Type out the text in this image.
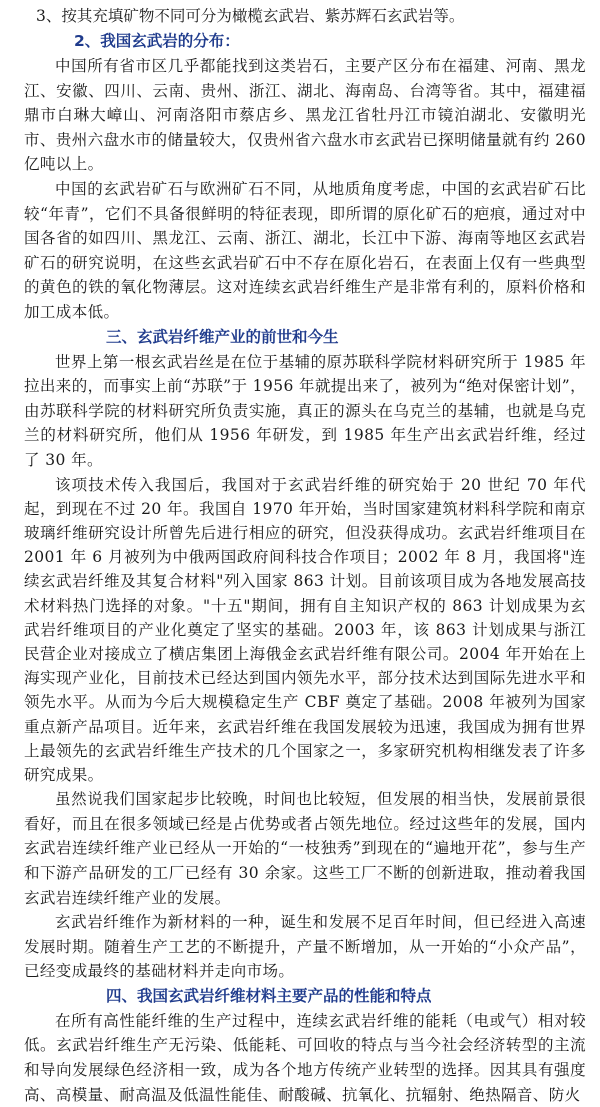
3、按其充填矿物不同可分为橄榄玄武岩、紫苏辉石玄武岩等。

2、我国玄武岩的分布：

中国所有省市区几乎都能找到这类岩石，主要产区分布在福建、河南、黑龙江、安徽、四川、云南、贵州、浙江、湖北、海南岛、台湾等省。其中，福建福鼎市白琳大嶂山、河南洛阳市蔡店乡、黑龙江省牡丹江市镜泊湖北、安徽明光市、贵州六盘水市的储量较大，仅贵州省六盘水市玄武岩已探明储量就有约 260 亿吨以上。

中国的玄武岩矿石与欧洲矿石不同，从地质角度考虑，中国的玄武岩矿石比较“年青”，它们不具备很鲜明的特征表现，即所谓的原化矿石的疤痕，通过对中国各省的如四川、黑龙江、云南、浙江、湖北，长江中下游、海南等地区玄武岩矿石的研究说明，在这些玄武岩矿石中不存在原化岩石，在表面上仅有一些典型的黄色的铁的氧化物薄层。这对连续玄武岩纤维生产是非常有利的，原料价格和加工成本低。

三、玄武岩纤维产业的前世和今生

世界上第一根玄武岩丝是在位于基辅的原苏联科学院材料研究所于 1985 年拉出来的，而事实上前“苏联”于 1956 年就提出来了，被列为“绝对保密计划”，由苏联科学院的材料研究所负责实施，真正的源头在乌克兰的基辅，也就是乌克兰的材料研究所，他们从 1956 年研发，到 1985 年生产出玄武岩纤维，经过了 30 年。

该项技术传入我国后，我国对于玄武岩纤维的研究始于 20 世纪 70 年代起，到现在不过 20 年。我国自 1970 年开始，当时国家建筑材料科学院和南京玻璃纤维研究设计所曾先后进行相应的研究，但没获得成功。玄武岩纤维项目在 2001 年 6 月被列为中俄两国政府间科技合作项目；2002 年 8 月，我国将"连续玄武岩纤维及其复合材料"列入国家 863 计划。目前该项目成为各地发展高技术材料热门选择的对象。"十五"期间，拥有自主知识产权的 863 计划成果为玄武岩纤维项目的产业化奠定了坚实的基础。2003 年，该 863 计划成果与浙江民营企业对接成立了横店集团上海俄金玄武岩纤维有限公司。2004 年开始在上海实现产业化，目前技术已经达到国内领先水平，部分技术达到国际先进水平和领先水平。从而为今后大规模稳定生产 CBF 奠定了基础。2008 年被列为国家重点新产品项目。近年来，玄武岩纤维在我国发展较为迅速，我国成为拥有世界上最领先的玄武岩纤维生产技术的几个国家之一，多家研究机构相继发表了许多研究成果。

虽然说我们国家起步比较晚，时间也比较短，但发展的相当快，发展前景很看好，而且在很多领域已经是占优势或者占领先地位。经过这些年的发展，国内玄武岩连续纤维产业已经从一开始的“一枝独秀”到现在的“遍地开花”，参与生产和下游产品研发的工厂已经有 30 余家。这些工厂不断的创新进取，推动着我国玄武岩连续纤维产业的发展。

玄武岩纤维作为新材料的一种，诞生和发展不足百年时间，但已经进入高速发展时期。随着生产工艺的不断提升，产量不断增加，从一开始的“小众产品”，已经变成最终的基础材料并走向市场。

四、我国玄武岩纤维材料主要产品的性能和特点

在所有高性能纤维的生产过程中，连续玄武岩纤维的能耗（电或气）相对较低。玄武岩纤维生产无污染、低能耗、可回收的特点与当今社会经济转型的主流和导向发展绿色经济相一致，成为各个地方传统产业转型的选择。因其具有强度高、高模量、耐高温及低温性能佳、耐酸碱、抗氧化、抗辐射、绝热隔音、防火
